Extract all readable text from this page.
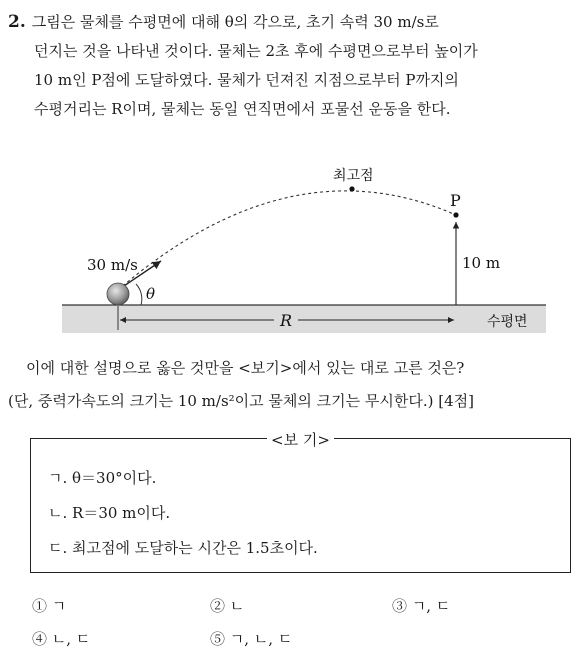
2. 그림은 물체를 수평면에 대해 θ의 각으로, 초기 속력 30 m/s로
던지는 것을 나타낸 것이다. 물체는 2초 후에 수평면으로부터 높이가
10 m인 P점에 도달하였다. 물체가 던져진 지점으로부터 P까지의
수평거리는 R이며, 물체는 동일 연직면에서 포물선 운동을 한다.
최고점
P
10 m
30 m/s
θ
R	수평면
이에 대한 설명으로 옳은 것만을 <보기>에서 있는 대로 고른 것은?
(단, 중력가속도의 크기는 10 m/s²이고 물체의 크기는 무시한다.) [4점]
<보 기>
ㄱ. θ＝30°이다.
ㄴ. R＝30 m이다.
ㄷ. 최고점에 도달하는 시간은 1.5초이다.
① ㄱ	② ㄴ	③ ㄱ, ㄷ
④ ㄴ, ㄷ	⑤ ㄱ, ㄴ, ㄷ
